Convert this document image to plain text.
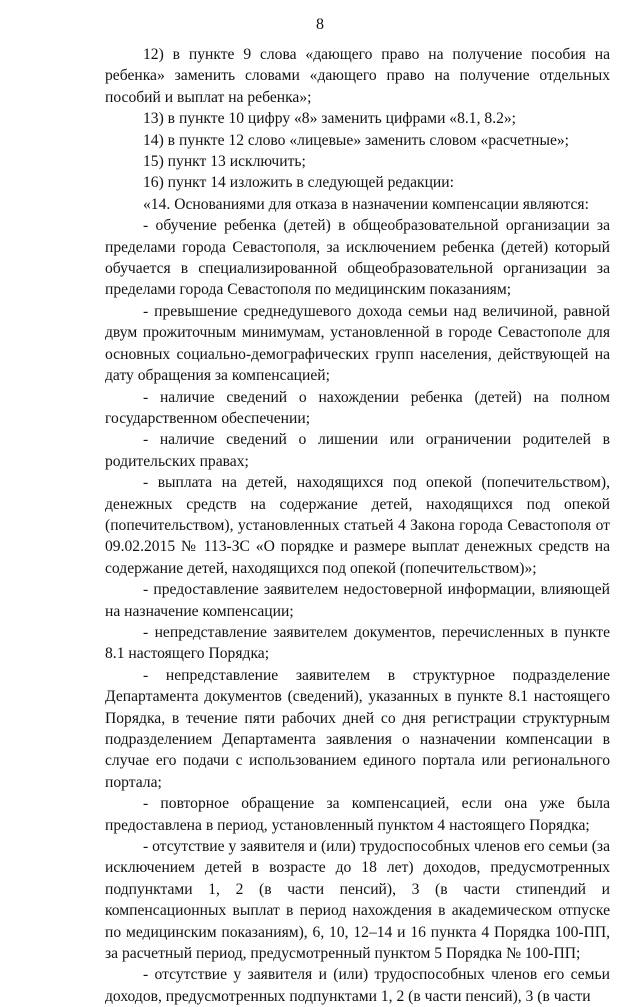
8

12) в пункте 9 слова «дающего право на получение пособия на ребенка» заменить словами «дающего право на получение отдельных пособий и выплат на ребенка»;

13) в пункте 10 цифру «8» заменить цифрами «8.1, 8.2»;

14) в пункте 12 слово «лицевые» заменить словом «расчетные»;

15) пункт 13 исключить;

16) пункт 14 изложить в следующей редакции:

«14. Основаниями для отказа в назначении компенсации являются:

- обучение ребенка (детей) в общеобразовательной организации за пределами города Севастополя, за исключением ребенка (детей) который обучается в специализированной общеобразовательной организации за пределами города Севастополя по медицинским показаниям;

- превышение среднедушевого дохода семьи над величиной, равной двум прожиточным минимумам, установленной в городе Севастополе для основных социально-демографических групп населения, действующей на дату обращения за компенсацией;

- наличие сведений о нахождении ребенка (детей) на полном государственном обеспечении;

- наличие сведений о лишении или ограничении родителей в родительских правах;

- выплата на детей, находящихся под опекой (попечительством), денежных средств на содержание детей, находящихся под опекой (попечительством), установленных статьей 4 Закона города Севастополя от 09.02.2015 № 113-ЗС «О порядке и размере выплат денежных средств на содержание детей, находящихся под опекой (попечительством)»;

- предоставление заявителем недостоверной информации, влияющей на назначение компенсации;

- непредставление заявителем документов, перечисленных в пункте 8.1 настоящего Порядка;

- непредставление заявителем в структурное подразделение Департамента документов (сведений), указанных в пункте 8.1 настоящего Порядка, в течение пяти рабочих дней со дня регистрации структурным подразделением Департамента заявления о назначении компенсации в случае его подачи с использованием единого портала или регионального портала;

- повторное обращение за компенсацией, если она уже была предоставлена в период, установленный пунктом 4 настоящего Порядка;

- отсутствие у заявителя и (или) трудоспособных членов его семьи (за исключением детей в возрасте до 18 лет) доходов, предусмотренных подпунктами 1, 2 (в части пенсий), 3 (в части стипендий и компенсационных выплат в период нахождения в академическом отпуске по медицинским показаниям), 6, 10, 12–14 и 16 пункта 4 Порядка 100-ПП, за расчетный период, предусмотренный пунктом 5 Порядка № 100-ПП;

- отсутствие у заявителя и (или) трудоспособных членов его семьи доходов, предусмотренных подпунктами 1, 2 (в части пенсий), 3 (в части
